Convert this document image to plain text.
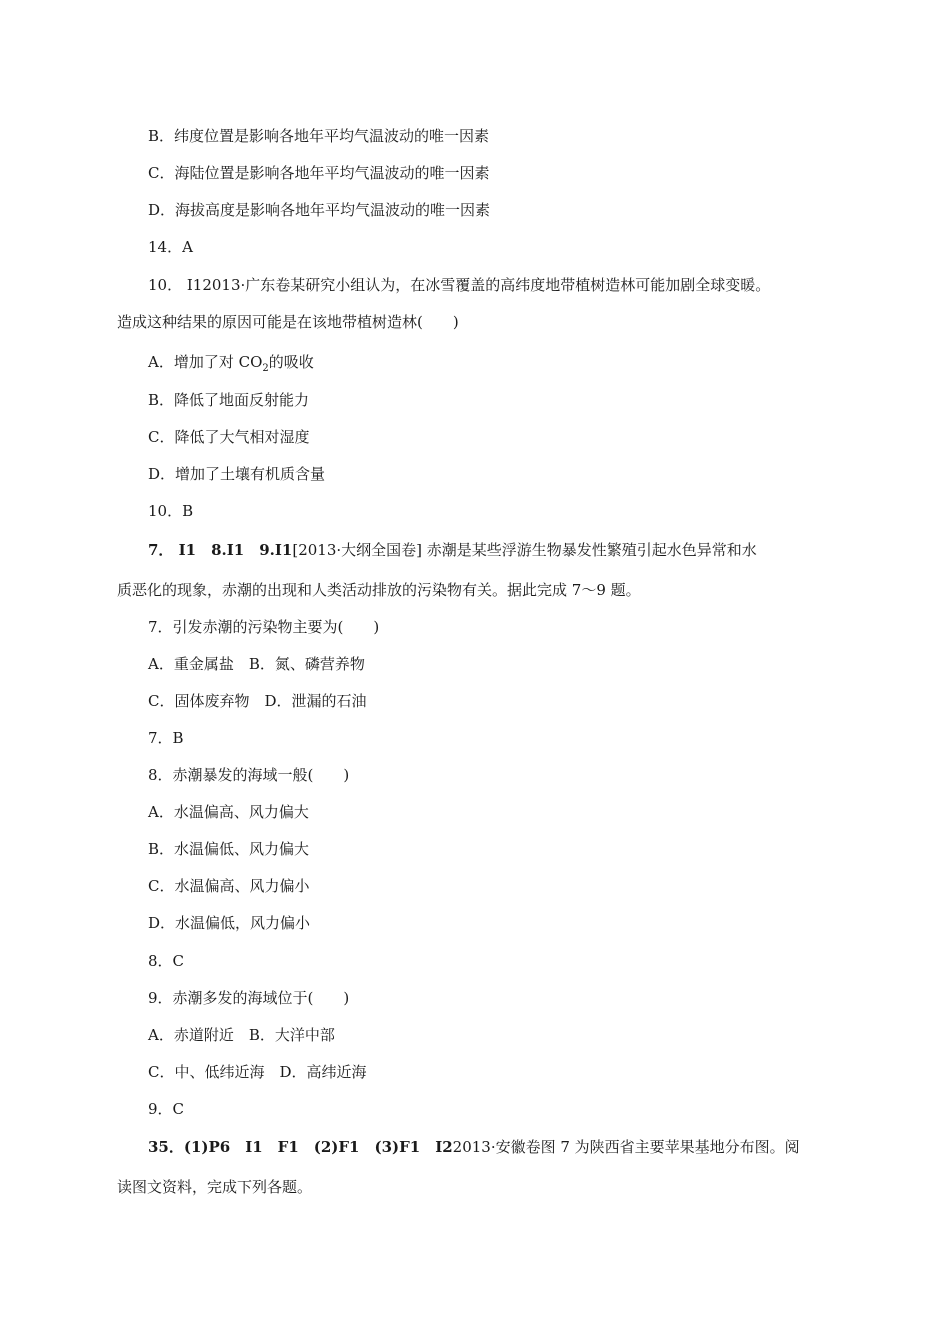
B．纬度位置是影响各地年平均气温波动的唯一因素
C．海陆位置是影响各地年平均气温波动的唯一因素
D．海拔高度是影响各地年平均气温波动的唯一因素
14．A
10． I12013·广东卷某研究小组认为，在冰雪覆盖的高纬度地带植树造林可能加剧全球变暖。
造成这种结果的原因可能是在该地带植树造林(　　)
A．增加了对 $CO_2$的吸收
B．降低了地面反射能力
C．降低了大气相对湿度
D．增加了土壤有机质含量
10．B
7． I1　8.I1　9.I1[2013·大纲全国卷] 赤潮是某些浮游生物暴发性繁殖引起水色异常和水
质恶化的现象，赤潮的出现和人类活动排放的污染物有关。据此完成 7～9 题。
7．引发赤潮的污染物主要为(　　)
A．重金属盐　B．氮、磷营养物
C．固体废弃物　D．泄漏的石油
7．B
8．赤潮暴发的海域一般(　　)
A．水温偏高、风力偏大
B．水温偏低、风力偏大
C．水温偏高、风力偏小
D．水温偏低，风力偏小
8．C
9．赤潮多发的海域位于(　　)
A．赤道附近　B．大洋中部
C．中、低纬近海　D．高纬近海
9．C
35．(1)P6　I1　F1　(2)F1　(3)F1　I22013·安徽卷图 7 为陕西省主要苹果基地分布图。阅
读图文资料，完成下列各题。
